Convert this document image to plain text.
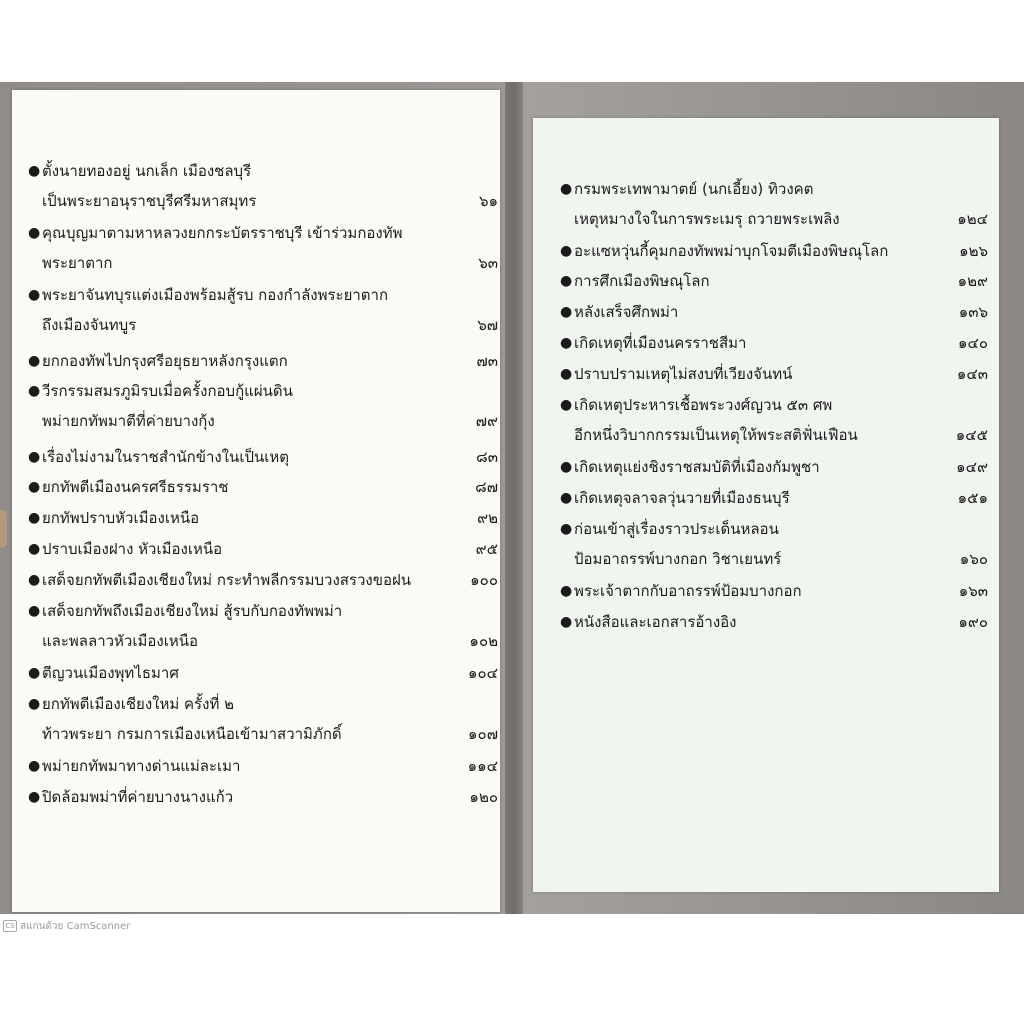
● ตั้งนายทองอยู่ นกเล็ก เมืองชลบุรี
เป็นพระยาอนุราชบุรีศรีมหาสมุทร	๖๑
● คุณบุญมาตามหาหลวงยกกระบัตรราชบุรี เข้าร่วมกองทัพ
พระยาตาก	๖๓
● พระยาจันทบุรแต่งเมืองพร้อมสู้รบ กองกำลังพระยาตาก
ถึงเมืองจันทบูร	๖๗
● ยกกองทัพไปกรุงศรีอยุธยาหลังกรุงแตก	๗๓
● วีรกรรมสมรภูมิรบเมื่อครั้งกอบกู้แผ่นดิน
พม่ายกทัพมาตีที่ค่ายบางกุ้ง	๗๙
● เรื่องไม่งามในราชสำนักข้างในเป็นเหตุ	๘๓
● ยกทัพตีเมืองนครศรีธรรมราช	๘๗
● ยกทัพปราบหัวเมืองเหนือ	๙๒
● ปราบเมืองฝาง หัวเมืองเหนือ	๙๕
● เสด็จยกทัพตีเมืองเชียงใหม่ กระทำพลีกรรมบวงสรวงขอฝน	๑๐๐
● เสด็จยกทัพถึงเมืองเชียงใหม่ สู้รบกับกองทัพพม่า
และพลลาวหัวเมืองเหนือ	๑๐๒
● ตีญวนเมืองพุทไธมาศ	๑๐๔
● ยกทัพตีเมืองเชียงใหม่ ครั้งที่ ๒
ท้าวพระยา กรมการเมืองเหนือเข้ามาสวามิภักดิ์	๑๐๗
● พม่ายกทัพมาทางด่านแม่ละเมา	๑๑๔
● ปิดล้อมพม่าที่ค่ายบางนางแก้ว	๑๒๐
● กรมพระเทพามาตย์ (นกเอี้ยง) ทิวงคต
เหตุหมางใจในการพระเมรุ ถวายพระเพลิง	๑๒๔
● อะแซหวุ่นกี้คุมกองทัพพม่าบุกโจมตีเมืองพิษณุโลก	๑๒๖
● การศึกเมืองพิษณุโลก	๑๒๙
● หลังเสร็จศึกพม่า	๑๓๖
● เกิดเหตุที่เมืองนครราชสีมา	๑๔๐
● ปราบปรามเหตุไม่สงบที่เวียงจันทน์	๑๔๓
● เกิดเหตุประหารเชื้อพระวงศ์ญวน ๕๓ ศพ
อีกหนึ่งวิบากกรรมเป็นเหตุให้พระสติฟั่นเฟือน	๑๔๕
● เกิดเหตุแย่งชิงราชสมบัติที่เมืองกัมพูชา	๑๔๙
● เกิดเหตุจลาจลวุ่นวายที่เมืองธนบุรี	๑๕๑
● ก่อนเข้าสู่เรื่องราวประเด็นหลอน
ป้อมอาถรรพ์บางกอก วิชาเยนทร์	๑๖๐
● พระเจ้าตากกับอาถรรพ์ป้อมบางกอก	๑๖๓
● หนังสือและเอกสารอ้างอิง	๑๙๐
CS สแกนด้วย CamScanner
